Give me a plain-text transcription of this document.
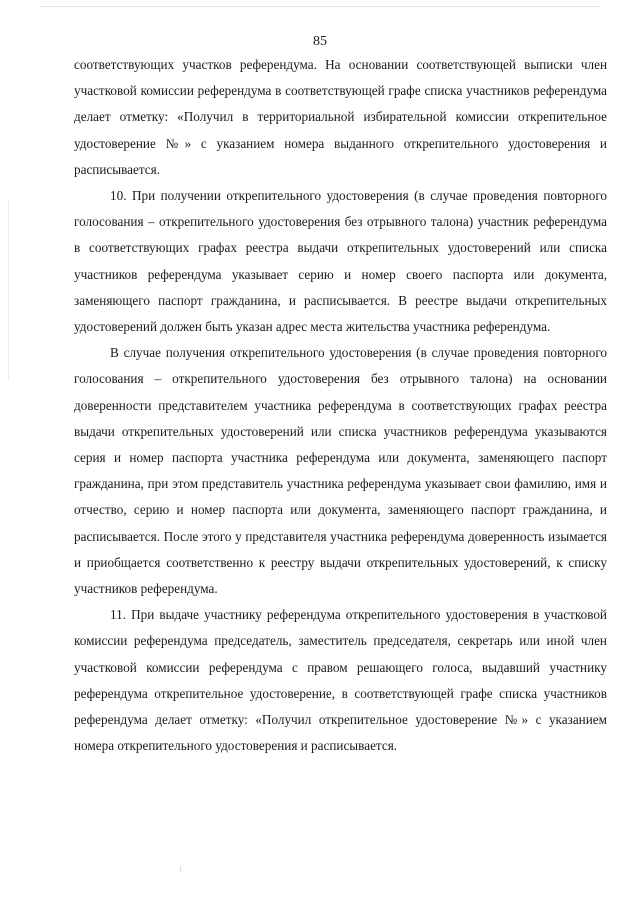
85

соответствующих участков референдума. На основании соответствующей выписки член участковой комиссии референдума в соответствующей графе списка участников референдума делает отметку: «Получил в территориальной избирательной комиссии открепительное удостоверение №» с указанием номера выданного открепительного удостоверения и расписывается.

10. При получении открепительного удостоверения (в случае проведения повторного голосования – открепительного удостоверения без отрывного талона) участник референдума в соответствующих графах реестра выдачи открепительных удостоверений или списка участников референдума указывает серию и номер своего паспорта или документа, заменяющего паспорт гражданина, и расписывается. В реестре выдачи открепительных удостоверений должен быть указан адрес места жительства участника референдума.

В случае получения открепительного удостоверения (в случае проведения повторного голосования – открепительного удостоверения без отрывного талона) на основании доверенности представителем участника референдума в соответствующих графах реестра выдачи открепительных удостоверений или списка участников референдума указываются серия и номер паспорта участника референдума или документа, заменяющего паспорт гражданина, при этом представитель участника референдума указывает свои фамилию, имя и отчество, серию и номер паспорта или документа, заменяющего паспорт гражданина, и расписывается. После этого у представителя участника референдума доверенность изымается и приобщается соответственно к реестру выдачи открепительных удостоверений, к списку участников референдума.

11. При выдаче участнику референдума открепительного удостоверения в участковой комиссии референдума председатель, заместитель председателя, секретарь или иной член участковой комиссии референдума с правом решающего голоса, выдавший участнику референдума открепительное удостоверение, в соответствующей графе списка участников референдума делает отметку: «Получил открепительное удостоверение №» с указанием номера открепительного удостоверения и расписывается.
